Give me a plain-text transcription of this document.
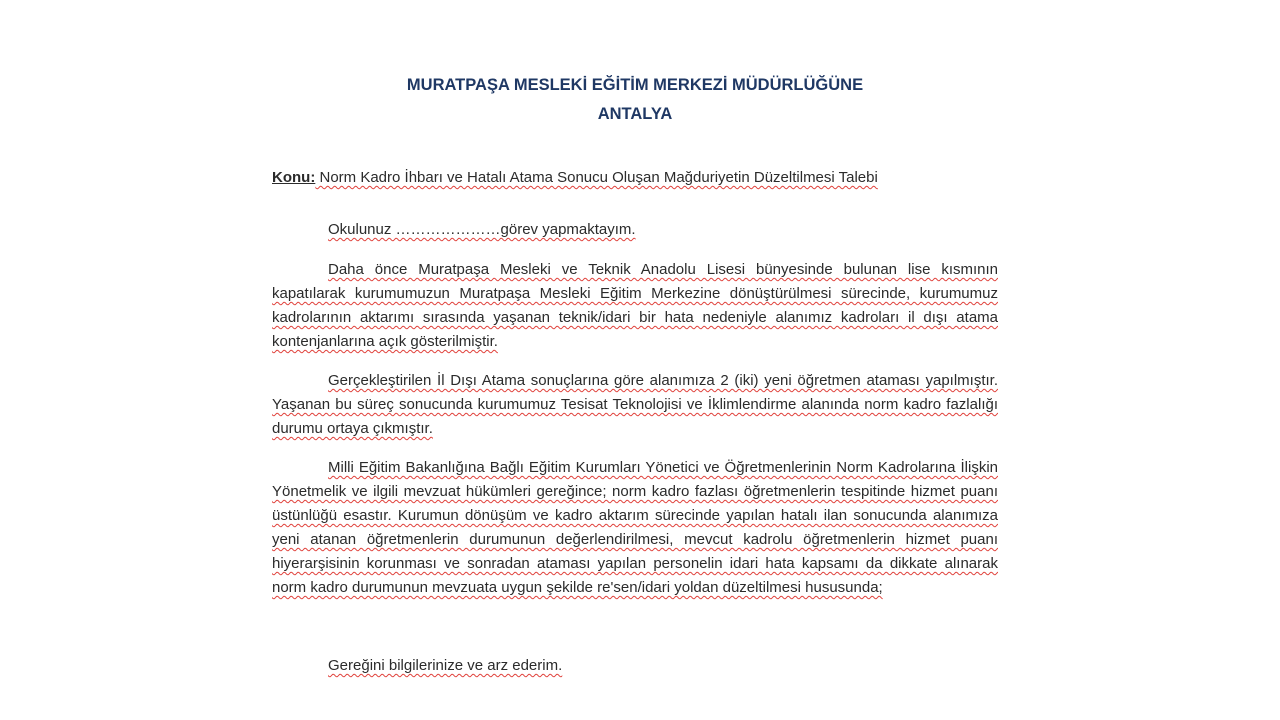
MURATPAŞA MESLEKİ EĞİTİM MERKEZİ MÜDÜRLÜĞÜNE
ANTALYA
Konu: Norm Kadro İhbarı ve Hatalı Atama Sonucu Oluşan Mağduriyetin Düzeltilmesi Talebi

Okulunuz …………………görev yapmaktayım.

Daha önce Muratpaşa Mesleki ve Teknik Anadolu Lisesi bünyesinde bulunan lise kısmının kapatılarak kurumumuzun Muratpaşa Mesleki Eğitim Merkezine dönüştürülmesi sürecinde, kurumumuz kadrolarının aktarımı sırasında yaşanan teknik/idari bir hata nedeniyle alanımız kadroları il dışı atama kontenjanlarına açık gösterilmiştir.

Gerçekleştirilen İl Dışı Atama sonuçlarına göre alanımıza 2 (iki) yeni öğretmen ataması yapılmıştır. Yaşanan bu süreç sonucunda kurumumuz Tesisat Teknolojisi ve İklimlendirme alanında norm kadro fazlalığı durumu ortaya çıkmıştır.

Milli Eğitim Bakanlığına Bağlı Eğitim Kurumları Yönetici ve Öğretmenlerinin Norm Kadrolarına İlişkin Yönetmelik ve ilgili mevzuat hükümleri gereğince; norm kadro fazlası öğretmenlerin tespitinde hizmet puanı üstünlüğü esastır. Kurumun dönüşüm ve kadro aktarım sürecinde yapılan hatalı ilan sonucunda alanımıza yeni atanan öğretmenlerin durumunun değerlendirilmesi, mevcut kadrolu öğretmenlerin hizmet puanı hiyerarşisinin korunması ve sonradan ataması yapılan personelin idari hata kapsamı da dikkate alınarak norm kadro durumunun mevzuata uygun şekilde re'sen/idari yoldan düzeltilmesi hususunda;

Gereğini bilgilerinize ve arz ederim.
